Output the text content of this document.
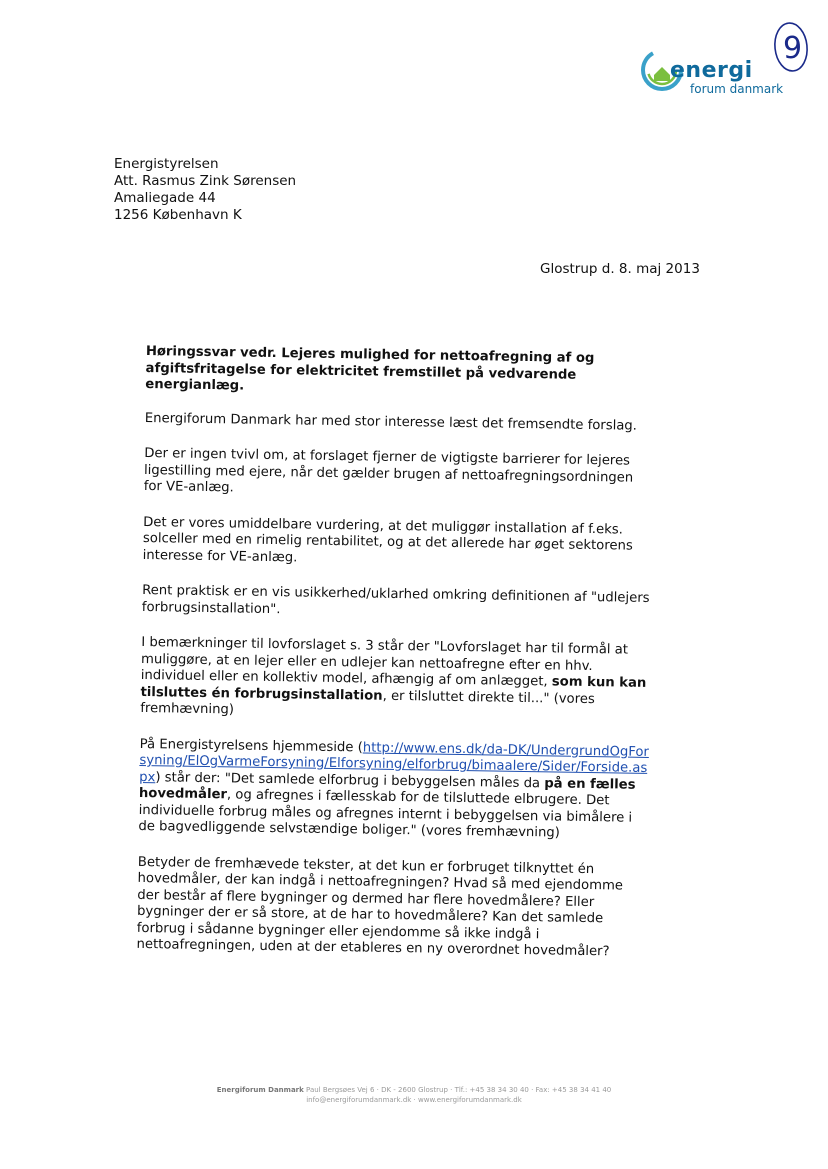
9
energi
forum danmark
Energistyrelsen
Att. Rasmus Zink Sørensen
Amaliegade 44
1256 København K
Glostrup d. 8. maj 2013
Høringssvar vedr. Lejeres mulighed for nettoafregning af og afgiftsfritagelse for elektricitet fremstillet på vedvarende energianlæg.
Energiforum Danmark har med stor interesse læst det fremsendte forslag.
Der er ingen tvivl om, at forslaget fjerner de vigtigste barrierer for lejeres ligestilling med ejere, når det gælder brugen af nettoafregningsordningen for VE-anlæg.
Det er vores umiddelbare vurdering, at det muliggør installation af f.eks. solceller med en rimelig rentabilitet, og at det allerede har øget sektorens interesse for VE-anlæg.
Rent praktisk er en vis usikkerhed/uklarhed omkring definitionen af "udlejers forbrugsinstallation".
I bemærkninger til lovforslaget s. 3 står der "Lovforslaget har til formål at muliggøre, at en lejer eller en udlejer kan nettoafregne efter en hhv. individuel eller en kollektiv model, afhængig af om anlægget, som kun kan tilsluttes én forbrugsinstallation, er tilsluttet direkte til..." (vores fremhævning)
På Energistyrelsens hjemmeside (http://www.ens.dk/da-DK/UndergrundOgForsyning/ElOgVarmeForsyning/Elforsyning/elforbrug/bimaalere/Sider/Forside.aspx) står der: "Det samlede elforbrug i bebyggelsen måles da på en fælles hovedmåler, og afregnes i fællesskab for de tilsluttede elbrugere. Det individuelle forbrug måles og afregnes internt i bebyggelsen via bimålere i de bagvedliggende selvstændige boliger." (vores fremhævning)
Betyder de fremhævede tekster, at det kun er forbruget tilknyttet én hovedmåler, der kan indgå i nettoafregningen? Hvad så med ejendomme der består af flere bygninger og dermed har flere hovedmålere? Eller bygninger der er så store, at de har to hovedmålere? Kan det samlede forbrug i sådanne bygninger eller ejendomme så ikke indgå i nettoafregningen, uden at der etableres en ny overordnet hovedmåler?
Energiforum Danmark Paul Bergsøes Vej 6 · DK - 2600 Glostrup · Tlf.: +45 38 34 30 40 · Fax: +45 38 34 41 40
info@energiforumdanmark.dk · www.energiforumdanmark.dk
